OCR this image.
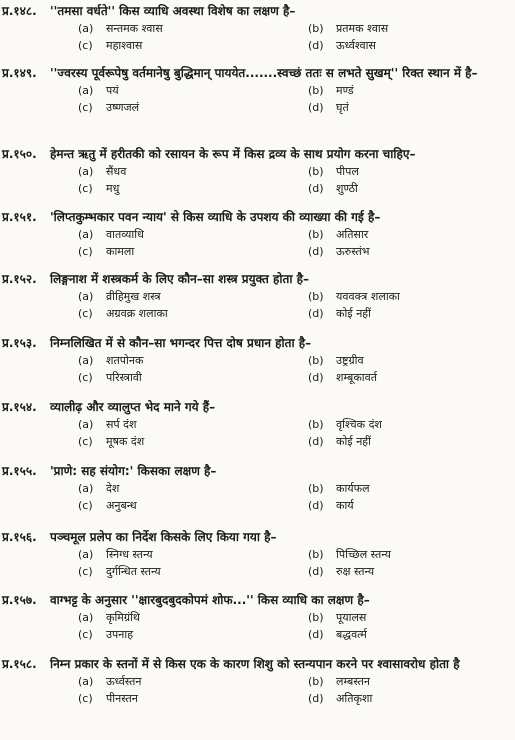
प्र.१४८.	''तमसा वर्धते'' किस व्याधि अवस्था विशेष का लक्षण है–
(a)	सन्तमक श्वास	(b)	प्रतमक श्वास
(c)	महाश्वास	(d)	ऊर्ध्वश्वास
प्र.१४९.	''ज्वरस्य पूर्वरूपेषु वर्तमानेषु बुद्धिमान् पाययेत.......स्वच्छं ततः स लभते सुखम्'' रिक्त स्थान में है–
(a)	पयं	(b)	मण्डं
(c)	उष्णजलं	(d)	घृतं
प्र.१५०.	हेमन्त ऋतु में हरीतकी को रसायन के रूप में किस द्रव्य के साथ प्रयोग करना चाहिए–
(a)	सैंधव	(b)	पीपल
(c)	मधु	(d)	शुण्ठी
प्र.१५१.	'लिप्तकुम्भकार पवन न्याय' से किस व्याधि के उपशय की व्याख्या की गई है–
(a)	वातव्याधि	(b)	अतिसार
(c)	कामला	(d)	ऊरुस्तंभ
प्र.१५२.	लिङ्गनाश में शस्त्रकर्म के लिए कौन–सा शस्त्र प्रयुक्त होता है–
(a)	व्रीहिमुख शस्त्र	(b)	यववक्त्र शलाका
(c)	अग्रवक्र शलाका	(d)	कोई नहीं
प्र.१५३.	निम्नलिखित में से कौन–सा भगन्दर पित्त दोष प्रधान होता है–
(a)	शतपोनक	(b)	उष्ट्रग्रीव
(c)	परिस्त्रावी	(d)	शम्बूकावर्त
प्र.१५४.	व्यालीढ़ और व्यालुप्त भेद माने गये हैं–
(a)	सर्प दंश	(b)	वृश्चिक दंश
(c)	मूषक दंश	(d)	कोई नहीं
प्र.१५५.	'प्राणे: सह संयोग:' किसका लक्षण है–
(a)	देश	(b)	कार्यफल
(c)	अनुबन्ध	(d)	कार्य
प्र.१५६.	पञ्चमूल प्रलेप का निर्देश किसके लिए किया गया है–
(a)	स्निग्ध स्तन्य	(b)	पिच्छिल स्तन्य
(c)	दुर्गन्धित स्तन्य	(d)	रुक्ष स्तन्य
प्र.१५७.	वाग्भट्ट के अनुसार ''क्षारबुदबुदकोपमं शोफ...'' किस व्याधि का लक्षण है–
(a)	कृमिग्रंथि	(b)	पूयालस
(c)	उपनाह	(d)	बद्धवर्त्म
प्र.१५८.	निम्न प्रकार के स्तनों में से किस एक के कारण शिशु को स्तन्यपान करने पर श्वासावरोध होता है
(a)	ऊर्ध्वस्तन	(b)	लम्बस्तन
(c)	पीनस्तन	(d)	अतिकृशा
